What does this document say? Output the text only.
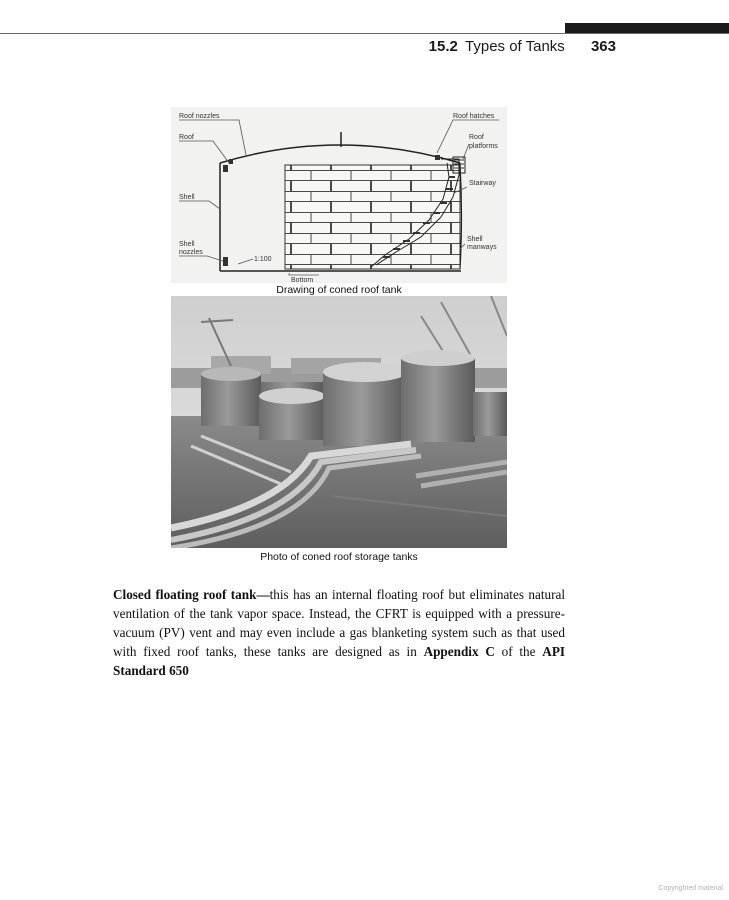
15.2 Types of Tanks 363
Roof nozzles
Roof
Shell
Shell
nozzles
1:100
Bottom
Roof hatches
Roof
platforms
Stairway
Shell
manways
Drawing of coned roof tank
Photo of coned roof storage tanks
Closed floating roof tank—this has an internal floating roof but eliminates natural ventilation of the tank vapor space. Instead, the CFRT is equipped with a pressure-vacuum (PV) vent and may even include a gas blanketing system such as that used with fixed roof tanks, these tanks are designed as in Appendix C of the API Standard 650
Copyrighted material
